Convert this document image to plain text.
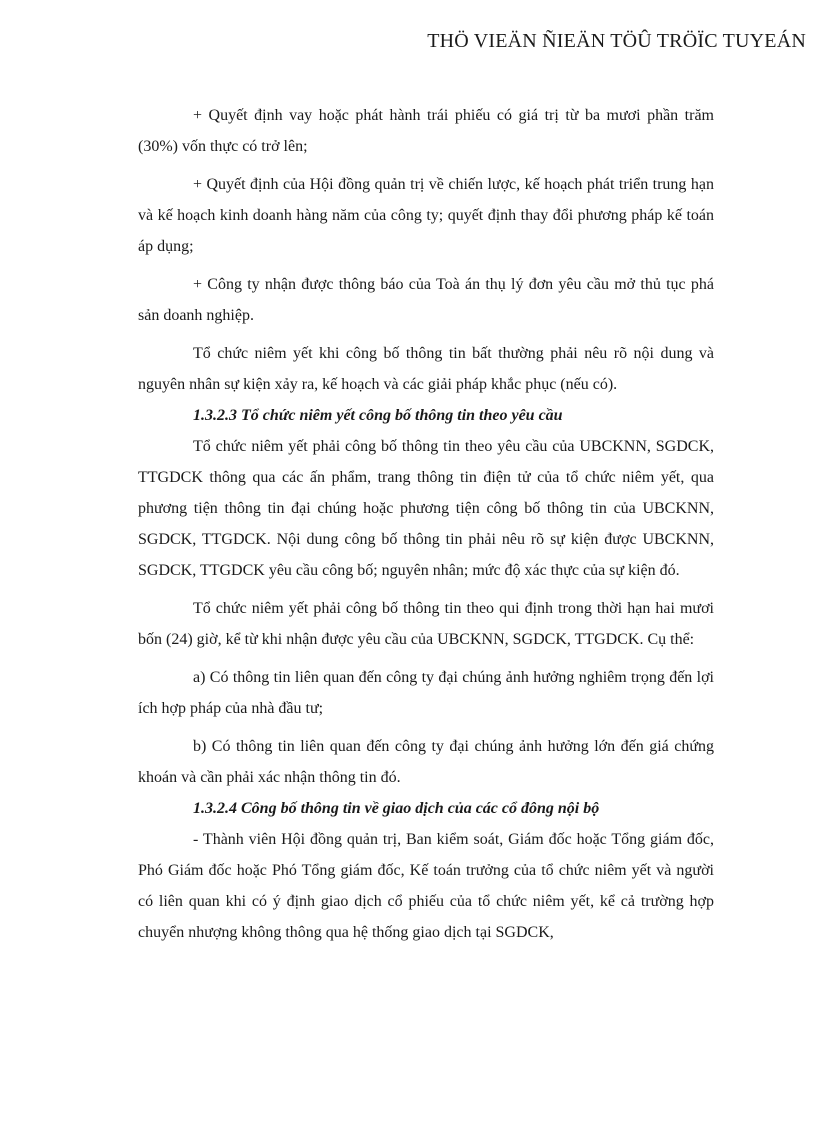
THÖ VIEÄN ÑIEÄN TÖÛ TRÖÏC TUYEÁN

+ Quyết định vay hoặc phát hành trái phiếu có giá trị từ ba mươi phần trăm (30%) vốn thực có trở lên;

+ Quyết định của Hội đồng quản trị về chiến lược, kế hoạch phát triển trung hạn và kế hoạch kinh doanh hàng năm của công ty; quyết định thay đổi phương pháp kế toán áp dụng;

+ Công ty nhận được thông báo của Toà án thụ lý đơn yêu cầu mở thủ tục phá sản doanh nghiệp.

Tổ chức niêm yết khi công bố thông tin bất thường phải nêu rõ nội dung và nguyên nhân sự kiện xảy ra, kế hoạch và các giải pháp khắc phục (nếu có).

1.3.2.3 Tổ chức niêm yết công bố thông tin theo yêu cầu

Tổ chức niêm yết phải công bố thông tin theo yêu cầu của UBCKNN, SGDCK, TTGDCK thông qua các ấn phẩm, trang thông tin điện tử của tổ chức niêm yết, qua phương tiện thông tin đại chúng hoặc phương tiện công bố thông tin của UBCKNN, SGDCK, TTGDCK. Nội dung công bố thông tin phải nêu rõ sự kiện được UBCKNN, SGDCK, TTGDCK yêu cầu công bố; nguyên nhân; mức độ xác thực của sự kiện đó.

Tổ chức niêm yết phải công bố thông tin theo qui định trong thời hạn hai mươi bốn (24) giờ, kể từ khi nhận được yêu cầu của UBCKNN, SGDCK, TTGDCK. Cụ thể:

a) Có thông tin liên quan đến công ty đại chúng ảnh hưởng nghiêm trọng đến lợi ích hợp pháp của nhà đầu tư;

b) Có thông tin liên quan đến công ty đại chúng ảnh hưởng lớn đến giá chứng khoán và cần phải xác nhận thông tin đó.

1.3.2.4 Công bố thông tin về giao dịch của các cổ đông nội bộ

- Thành viên Hội đồng quản trị, Ban kiểm soát, Giám đốc hoặc Tổng giám đốc, Phó Giám đốc hoặc Phó Tổng giám đốc, Kế toán trưởng của tổ chức niêm yết và người có liên quan khi có ý định giao dịch cổ phiếu của tổ chức niêm yết, kể cả trường hợp chuyển nhượng không thông qua hệ thống giao dịch tại SGDCK,
